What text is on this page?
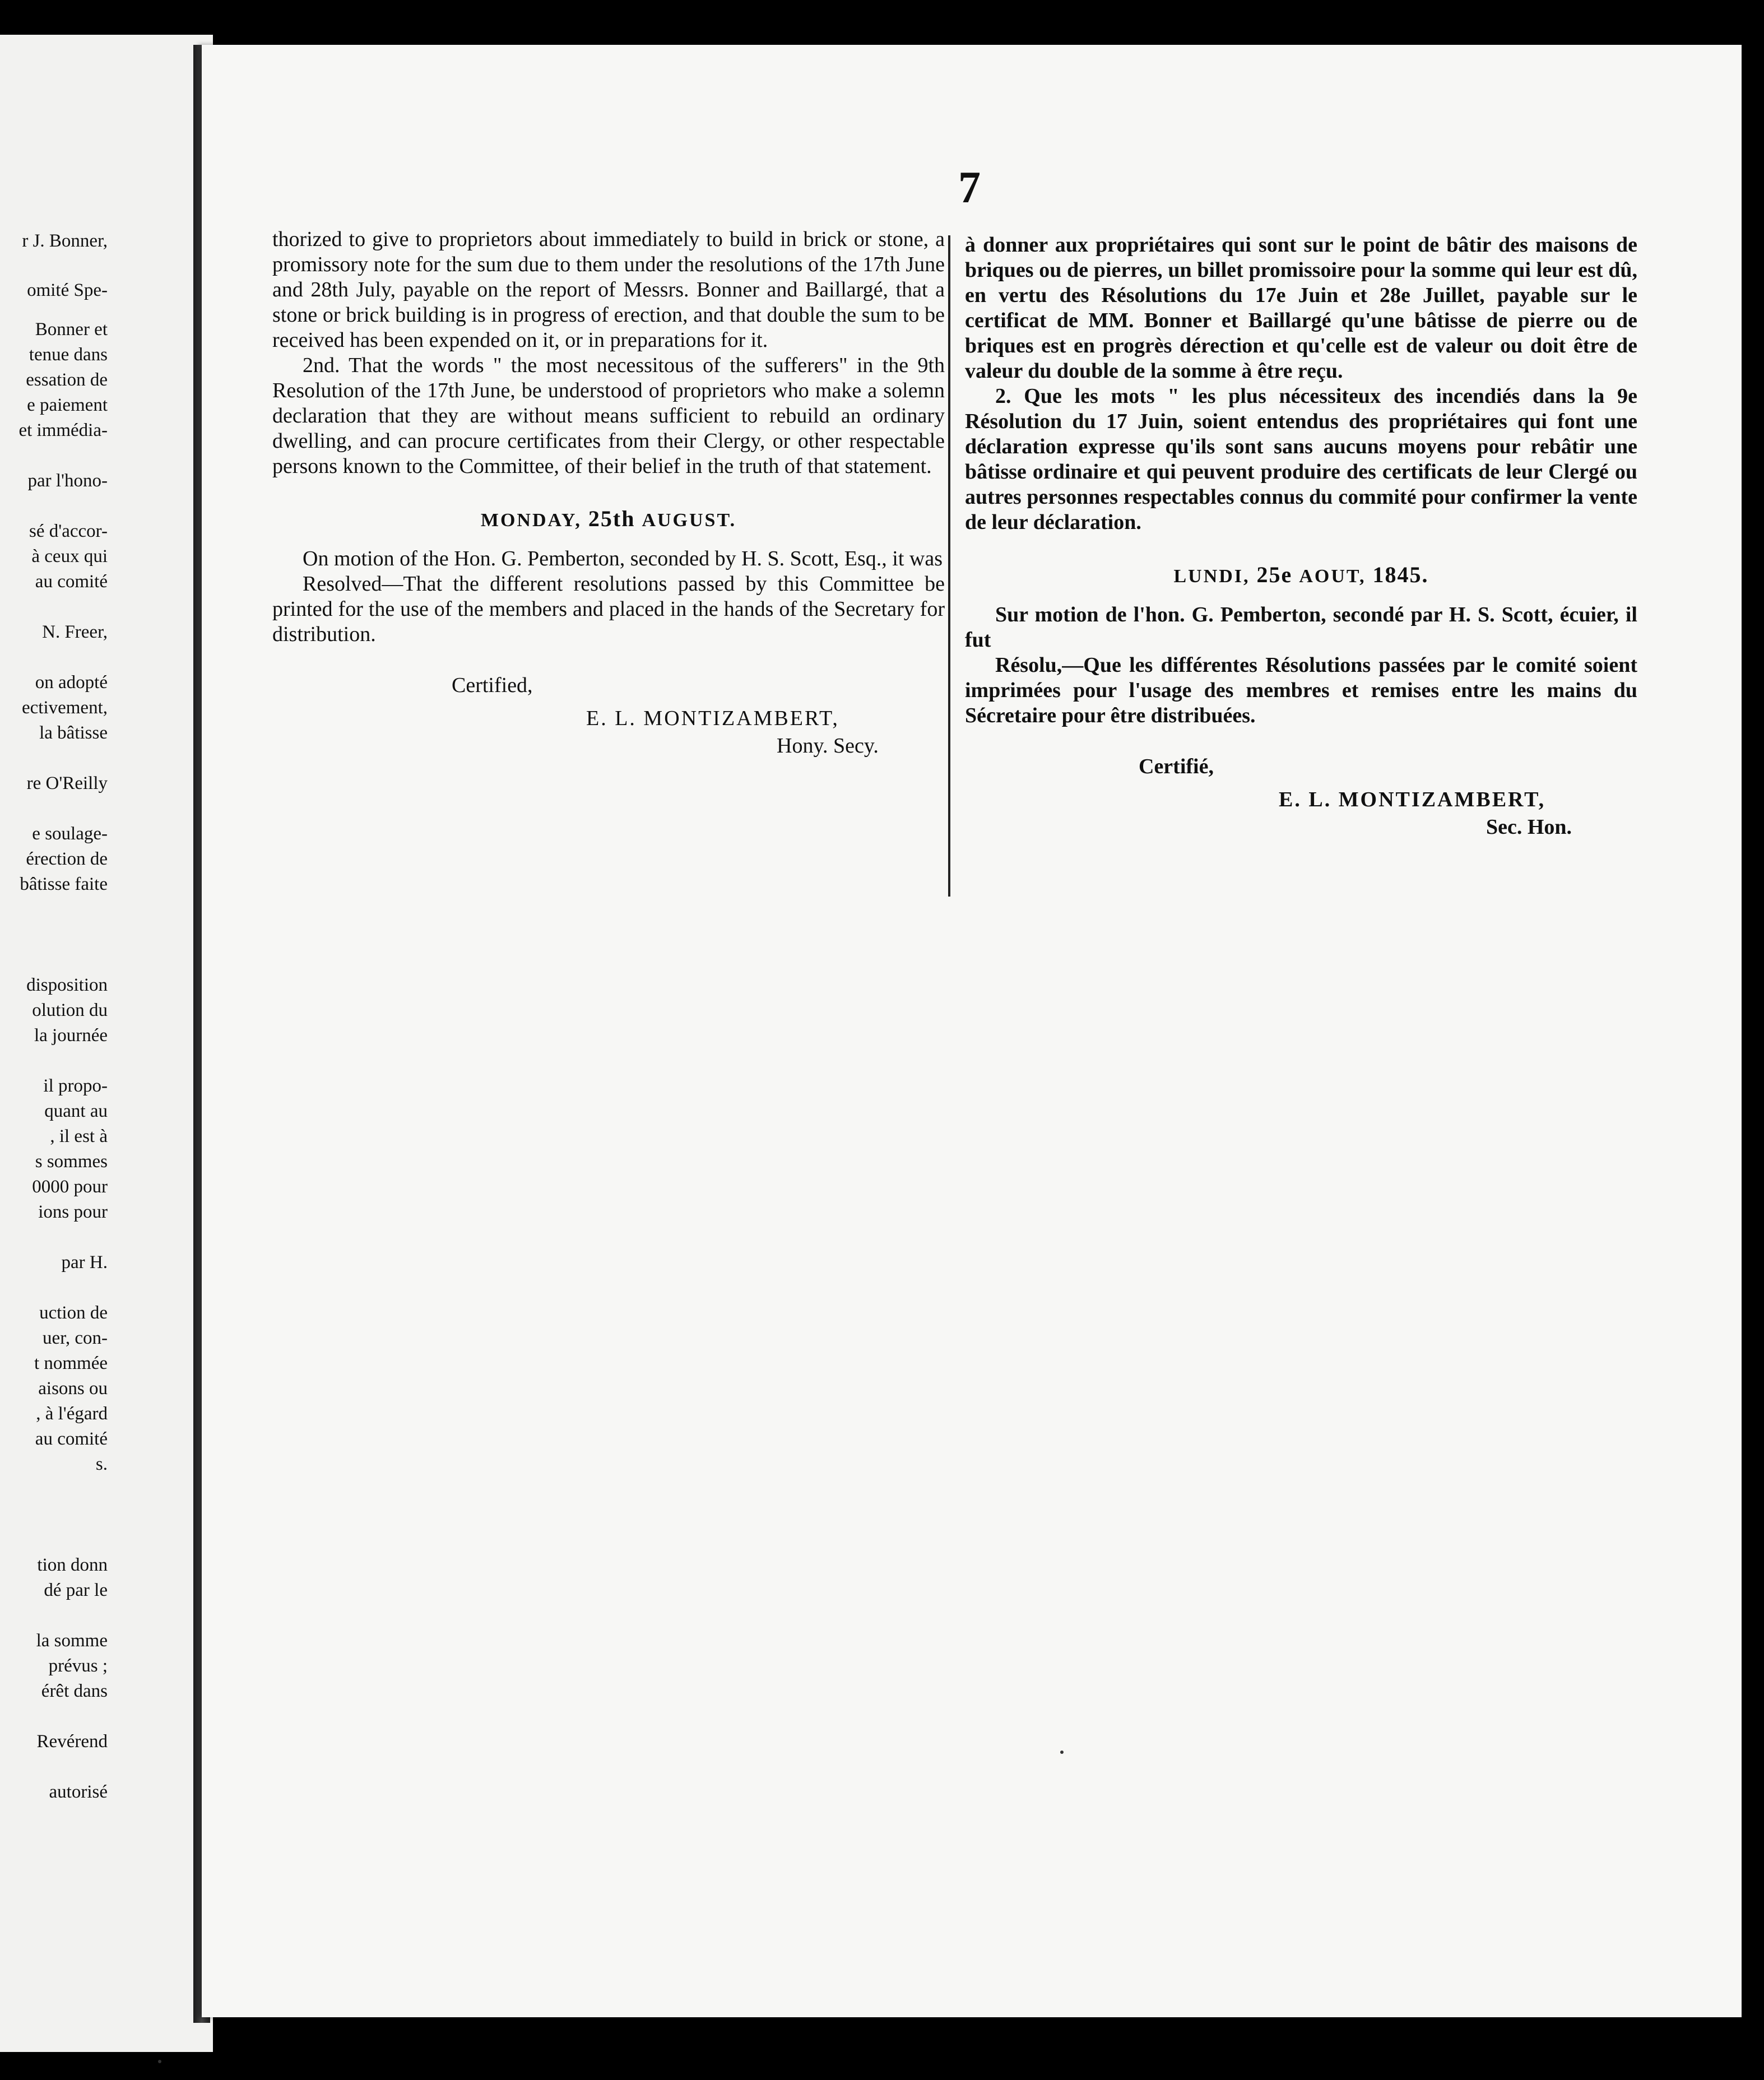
r J. Bonner,
omité Spe-
Bonner et
tenue dans
essation de
e paiement
et immédia-
par l'hono-
sé d'accor-
à ceux qui
au comité
N. Freer,
on adopté
ectivement,
la bâtisse
re O'Reilly
e soulage-
érection de
bâtisse faite
disposition
olution du
la journée
il propo-
quant au
, il est à
s sommes
0000 pour
ions pour
par H.
uction de
uer, con-
t nommée
aisons ou
, à l'égard
au comité
s.
tion donn
dé par le
la somme
prévus ;
érêt dans
Revérend
autorisé
7

thorized to give to proprietors about immediately to build in brick or stone, a promissory note for the sum due to them under the resolutions of the 17th June and 28th July, payable on the report of Messrs. Bonner and Baillargé, that a stone or brick building is in progress of erection, and that double the sum to be received has been expended on it, or in preparations for it.

2nd. That the words " the most necessitous of the sufferers" in the 9th Resolution of the 17th June, be understood of proprietors who make a solemn declaration that they are without means sufficient to rebuild an ordinary dwelling, and can procure certificates from their Clergy, or other respectable persons known to the Committee, of their belief in the truth of that statement.

MONDAY, 25th AUGUST.

On motion of the Hon. G. Pemberton, seconded by H. S. Scott, Esq., it was

Resolved—That the different resolutions passed by this Committee be printed for the use of the members and placed in the hands of the Secretary for distribution.

Certified,
E. L. MONTIZAMBERT,
Hony. Secy.

à donner aux propriétaires qui sont sur le point de bâtir des maisons de briques ou de pierres, un billet promissoire pour la somme qui leur est dû, en vertu des Résolutions du 17e Juin et 28e Juillet, payable sur le certificat de MM. Bonner et Baillargé qu'une bâtisse de pierre ou de briques est en progrès dérection et qu'celle est de valeur ou doit être de valeur du double de la somme à être reçu.

2. Que les mots " les plus nécessiteux des incendiés dans la 9e Résolution du 17 Juin, soient entendus des propriétaires qui font une déclaration expresse qu'ils sont sans aucuns moyens pour rebâtir une bâtisse ordinaire et qui peuvent produire des certificats de leur Clergé ou autres personnes respectables connus du commité pour confirmer la vente de leur déclaration.

LUNDI, 25e AOUT, 1845.

Sur motion de l'hon. G. Pemberton, secondé par H. S. Scott, écuier, il fut

Résolu,—Que les différentes Résolutions passées par le comité soient imprimées pour l'usage des membres et remises entre les mains du Sécretaire pour être distribuées.

Certifié,
E. L. MONTIZAMBERT,
Sec. Hon.
